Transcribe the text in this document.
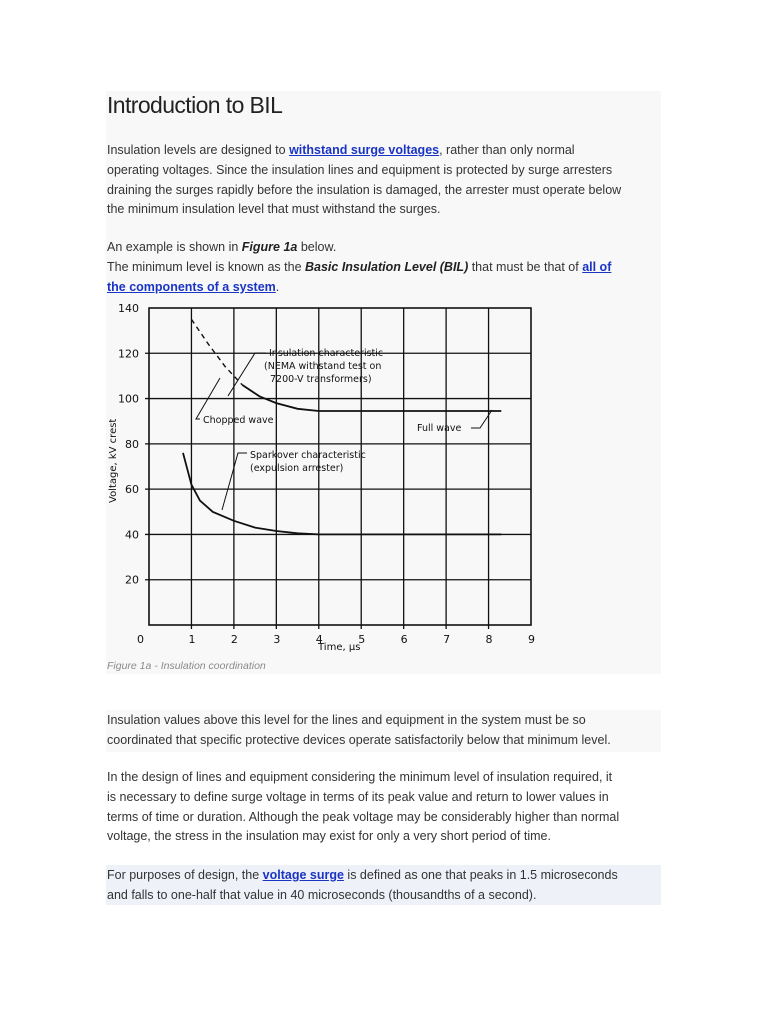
Introduction to BIL
Insulation levels are designed to withstand surge voltages, rather than only normal
operating voltages. Since the insulation lines and equipment is protected by surge arresters
draining the surges rapidly before the insulation is damaged, the arrester must operate below
the minimum insulation level that must withstand the surges.
An example is shown in Figure 1a below.
The minimum level is known as the Basic Insulation Level (BIL) that must be that of all of
the components of a system.
0	1	2	3	4	5	6	7	8	9
20
40
60
80
100
120
140
Insulation characteristic
(NEMA withstand test on
7200-V transformers)
Chopped wave
Full wave
Sparkover characteristic
(expulsion arrester)
Time, μs
Voltage, kV crest
Figure 1a - Insulation coordination
Insulation values above this level for the lines and equipment in the system must be so
coordinated that specific protective devices operate satisfactorily below that minimum level.
In the design of lines and equipment considering the minimum level of insulation required, it
is necessary to define surge voltage in terms of its peak value and return to lower values in
terms of time or duration. Although the peak voltage may be considerably higher than normal
voltage, the stress in the insulation may exist for only a very short period of time.
For purposes of design, the voltage surge is defined as one that peaks in 1.5 microseconds
and falls to one-half that value in 40 microseconds (thousandths of a second).
